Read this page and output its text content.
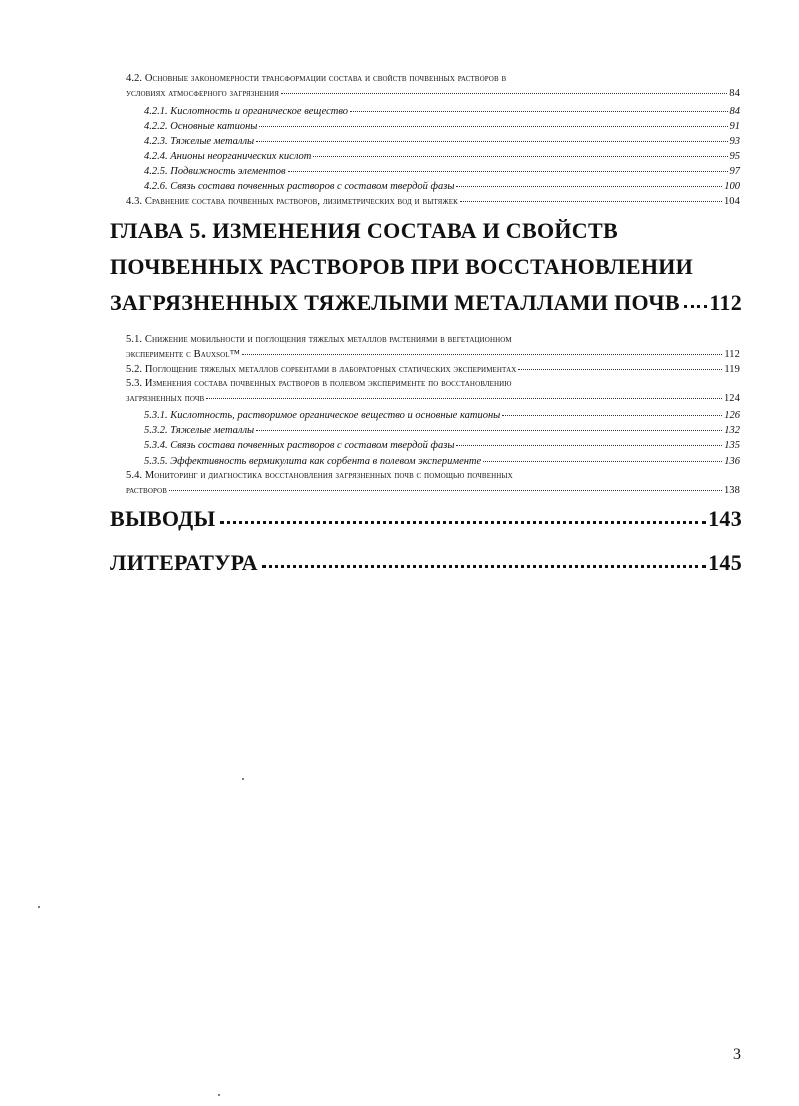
4.2. Основные закономерности трансформации состава и свойств почвенных растворов в
условиях атмосферного загрязнения	84
4.2.1. Кислотность и органическое вещество	84
4.2.2. Основные катионы	91
4.2.3. Тяжелые металлы	93
4.2.4. Анионы неорганических кислот	95
4.2.5. Подвижность элементов	97
4.2.6. Связь состава почвенных растворов с составом твердой фазы	100
4.3. Сравнение состава почвенных растворов, лизиметрических вод и вытяжек	104
ГЛАВА 5. ИЗМЕНЕНИЯ СОСТАВА И СВОЙСТВ
ПОЧВЕННЫХ РАСТВОРОВ ПРИ ВОССТАНОВЛЕНИИ
ЗАГРЯЗНЕННЫХ ТЯЖЕЛЫМИ МЕТАЛЛАМИ ПОЧВ 112
5.1. Снижение мобильности и поглощения тяжелых металлов растениями в вегетационном
эксперименте с Bauxsol™	112
5.2. Поглощение тяжелых металлов сорбентами в лабораторных статических экспериментах	119
5.3. Изменения состава почвенных растворов в полевом эксперименте по восстановлению
загрязненных почв	124
5.3.1. Кислотность, растворимое органическое вещество и основные катионы	126
5.3.2. Тяжелые металлы	132
5.3.4. Связь состава почвенных растворов с составом твердой фазы	135
5.3.5. Эффективность вермикулита как сорбента в полевом эксперименте	136
5.4. Мониторинг и диагностика восстановления загрязненных почв с помощью почвенных
растворов	138
ВЫВОДЫ	143
ЛИТЕРАТУРА	145
3
